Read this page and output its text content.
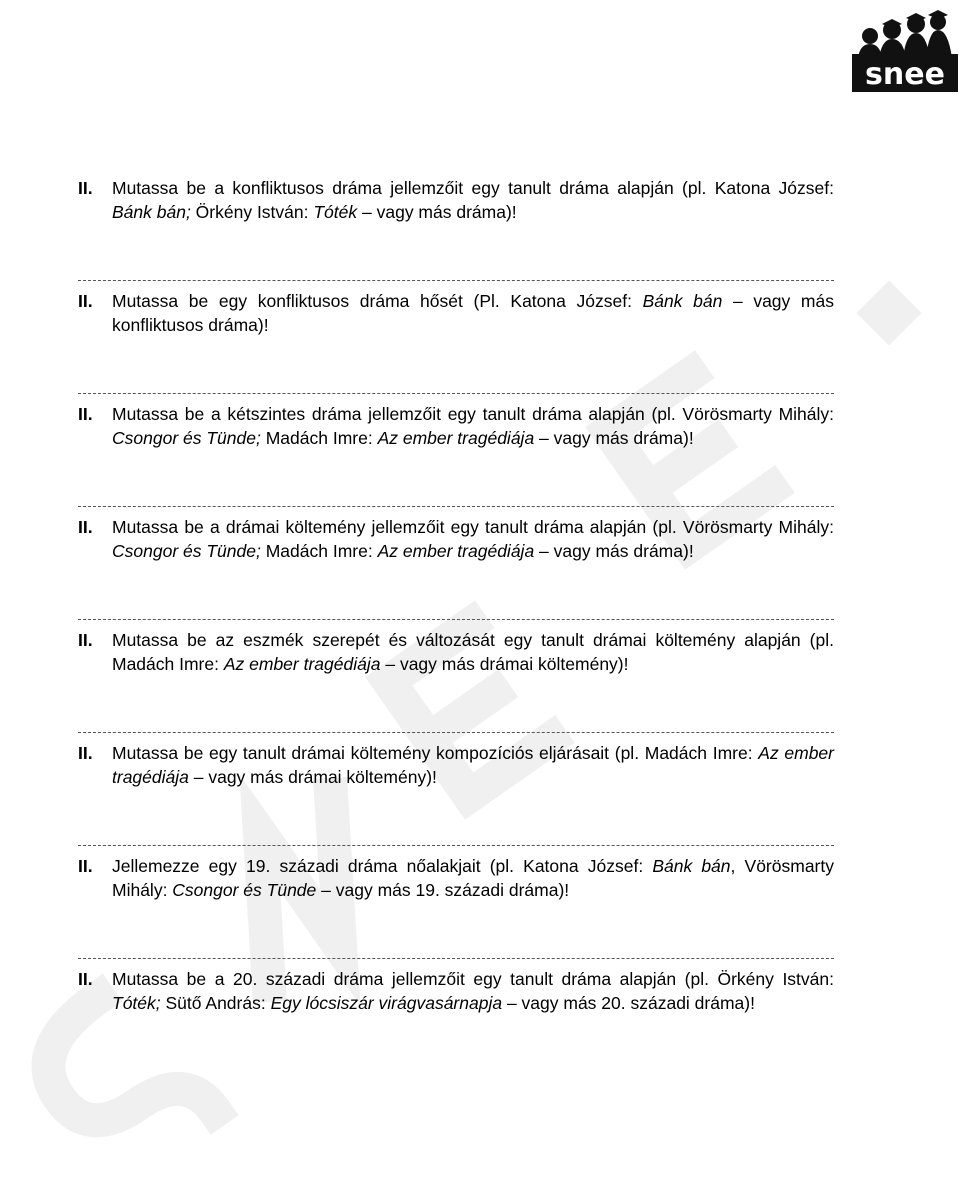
snee
II.	Mutassa be a konfliktusos dráma jellemzőit egy tanult dráma alapján (pl. Katona József: Bánk bán; Örkény István: Tóték – vagy más dráma)!
II.	Mutassa be egy konfliktusos dráma hősét (Pl. Katona József: Bánk bán – vagy más konfliktusos dráma)!
II.	Mutassa be a kétszintes dráma jellemzőit egy tanult dráma alapján (pl. Vörösmarty Mihály: Csongor és Tünde; Madách Imre: Az ember tragédiája – vagy más dráma)!
II.	Mutassa be a drámai költemény jellemzőit egy tanult dráma alapján (pl. Vörösmarty Mihály: Csongor és Tünde; Madách Imre: Az ember tragédiája – vagy más dráma)!
II.	Mutassa be az eszmék szerepét és változását egy tanult drámai költemény alapján (pl. Madách Imre: Az ember tragédiája – vagy más drámai költemény)!
II.	Mutassa be egy tanult drámai költemény kompozíciós eljárásait (pl. Madách Imre: Az ember tragédiája – vagy más drámai költemény)!
II.	Jellemezze egy 19. századi dráma nőalakjait (pl. Katona József: Bánk bán, Vörösmarty Mihály: Csongor és Tünde – vagy más 19. századi dráma)!
II.	Mutassa be a 20. századi dráma jellemzőit egy tanult dráma alapján (pl. Örkény István: Tóték; Sütő András: Egy lócsiszár virágvasárnapja – vagy más 20. századi dráma)!
